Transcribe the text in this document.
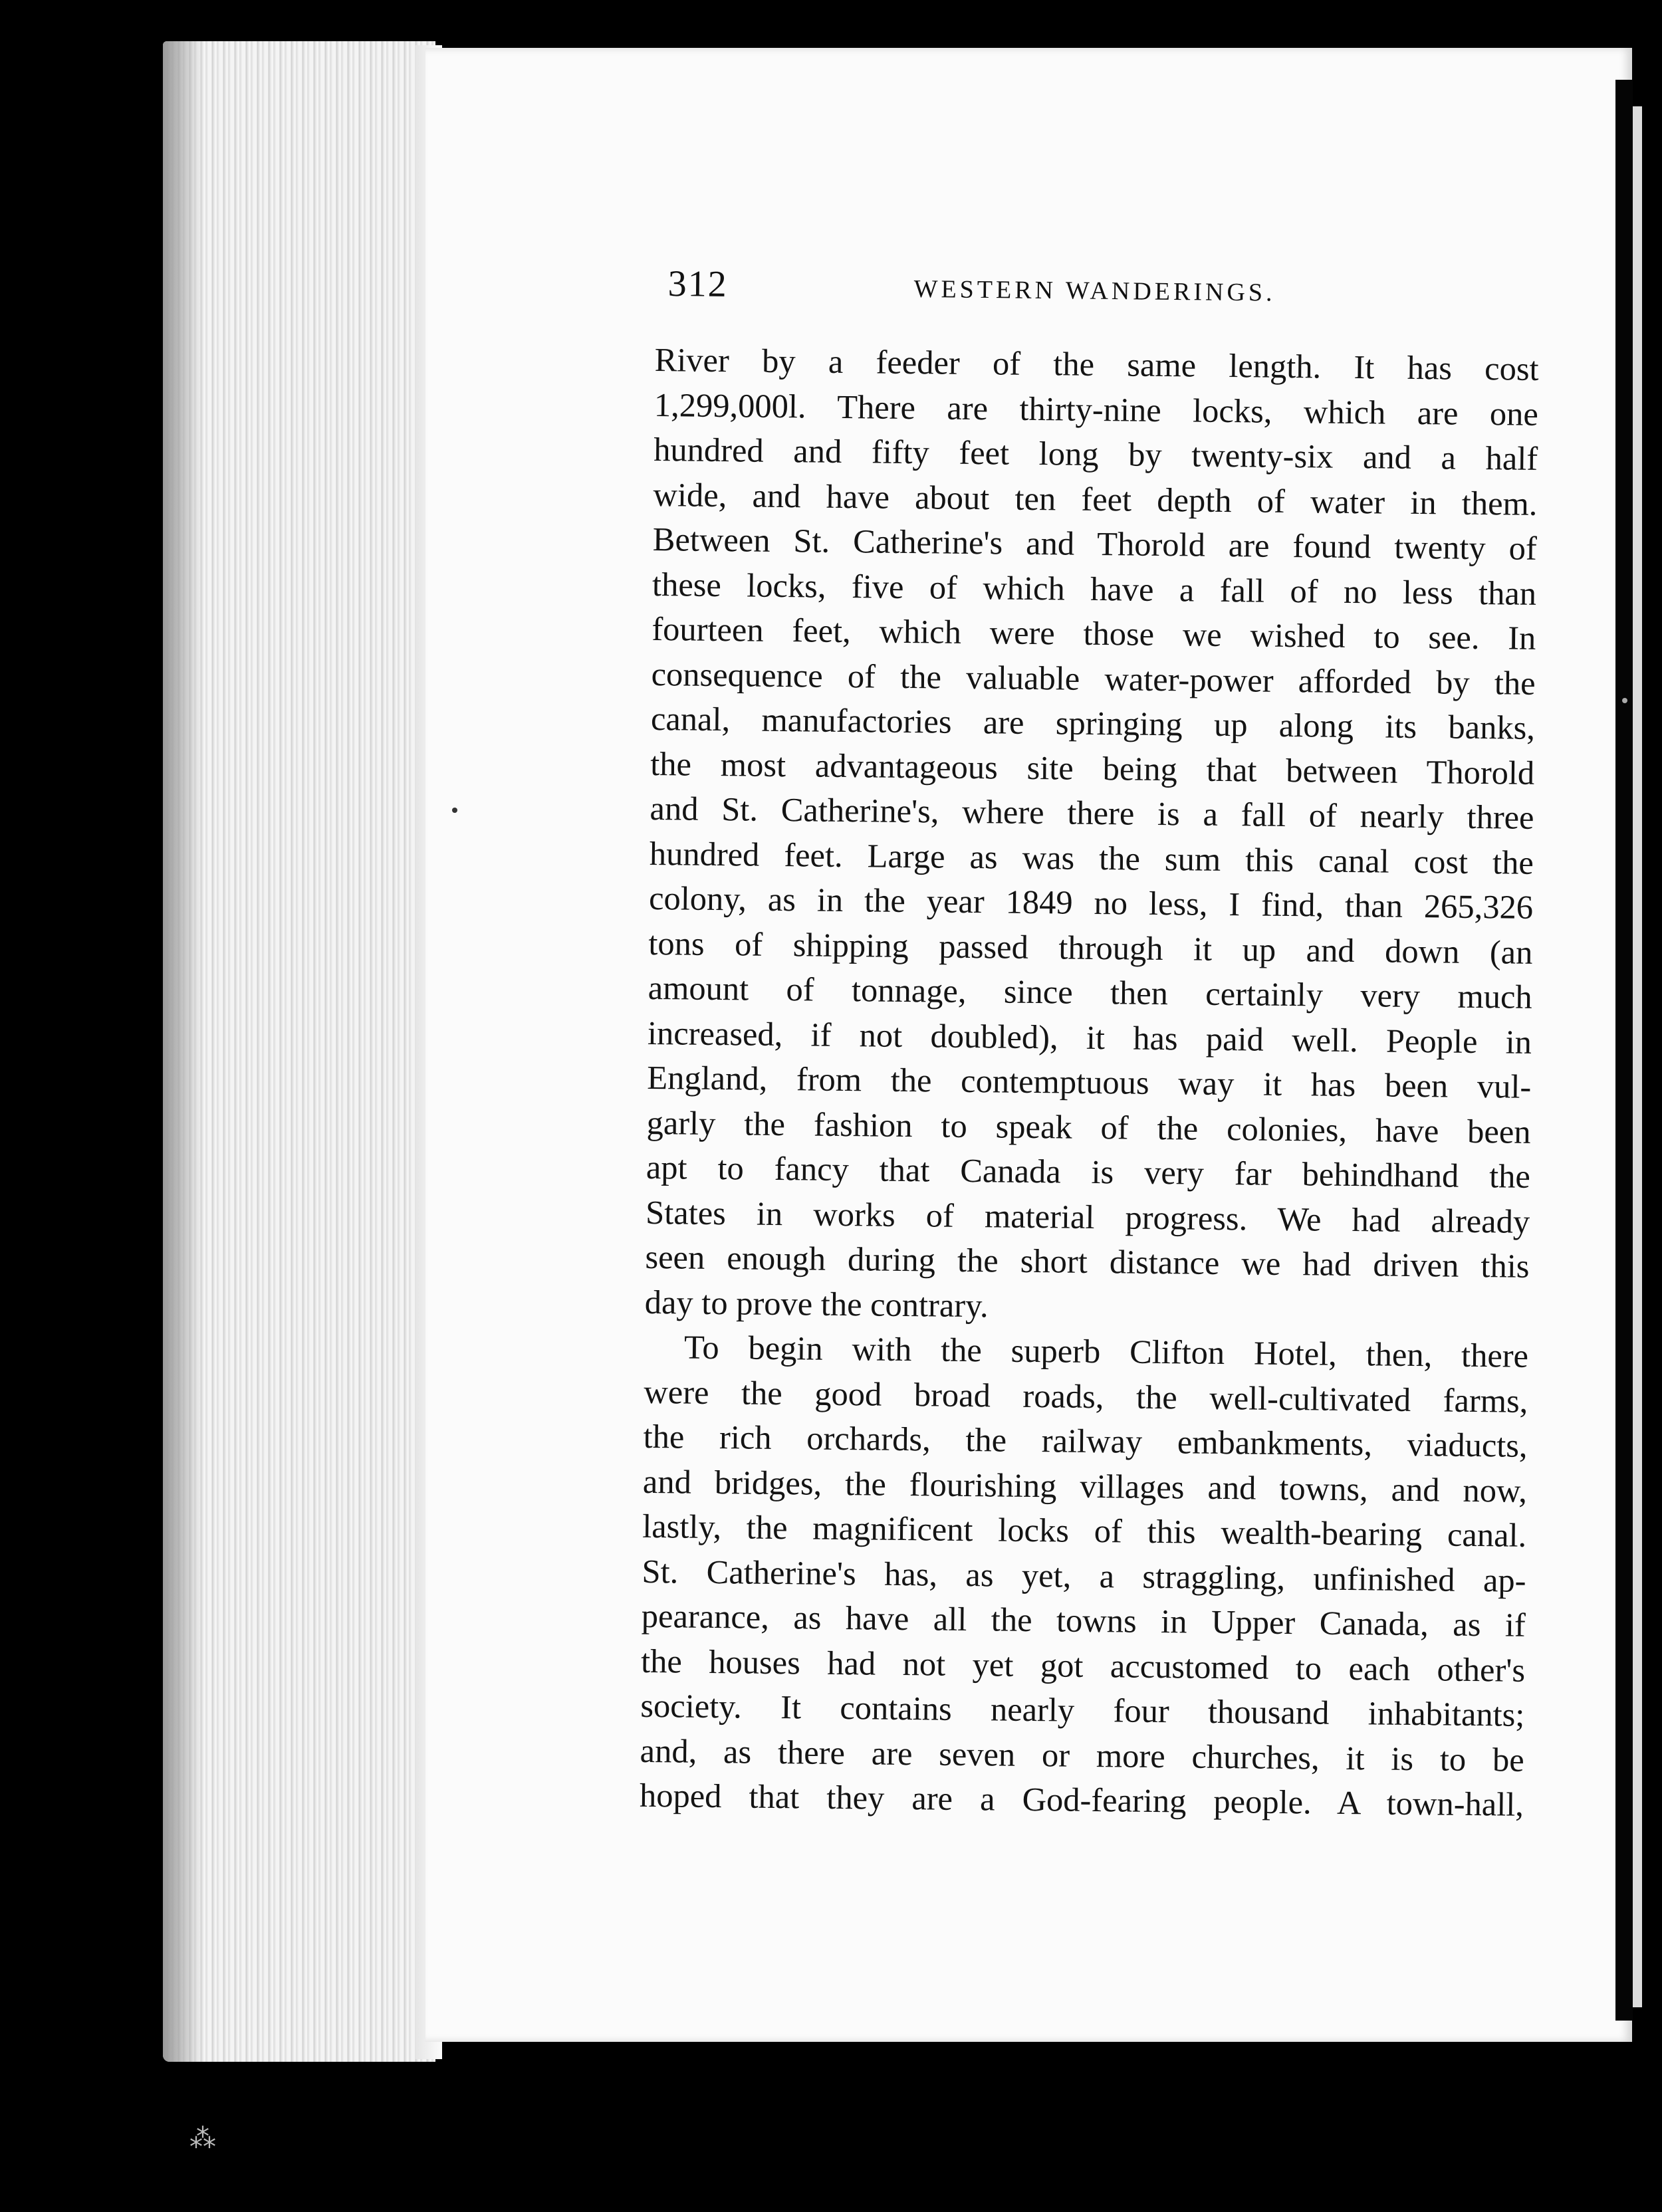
312	WESTERN WANDERINGS.
River by a feeder of the same length. It has cost
1,299,000l. There are thirty-nine locks, which are one
hundred and fifty feet long by twenty-six and a half
wide, and have about ten feet depth of water in them.
Between St. Catherine's and Thorold are found twenty of
these locks, five of which have a fall of no less than
fourteen feet, which were those we wished to see. In
consequence of the valuable water-power afforded by the
canal, manufactories are springing up along its banks,
the most advantageous site being that between Thorold
and St. Catherine's, where there is a fall of nearly three
hundred feet. Large as was the sum this canal cost the
colony, as in the year 1849 no less, I find, than 265,326
tons of shipping passed through it up and down (an
amount of tonnage, since then certainly very much
increased, if not doubled), it has paid well. People in
England, from the contemptuous way it has been vul-
garly the fashion to speak of the colonies, have been
apt to fancy that Canada is very far behindhand the
States in works of material progress. We had already
seen enough during the short distance we had driven this
day to prove the contrary.
To begin with the superb Clifton Hotel, then, there
were the good broad roads, the well-cultivated farms,
the rich orchards, the railway embankments, viaducts,
and bridges, the flourishing villages and towns, and now,
lastly, the magnificent locks of this wealth-bearing canal.
St. Catherine's has, as yet, a straggling, unfinished ap-
pearance, as have all the towns in Upper Canada, as if
the houses had not yet got accustomed to each other's
society. It contains nearly four thousand inhabitants;
and, as there are seven or more churches, it is to be
hoped that they are a God-fearing people. A town-hall,
⁂
